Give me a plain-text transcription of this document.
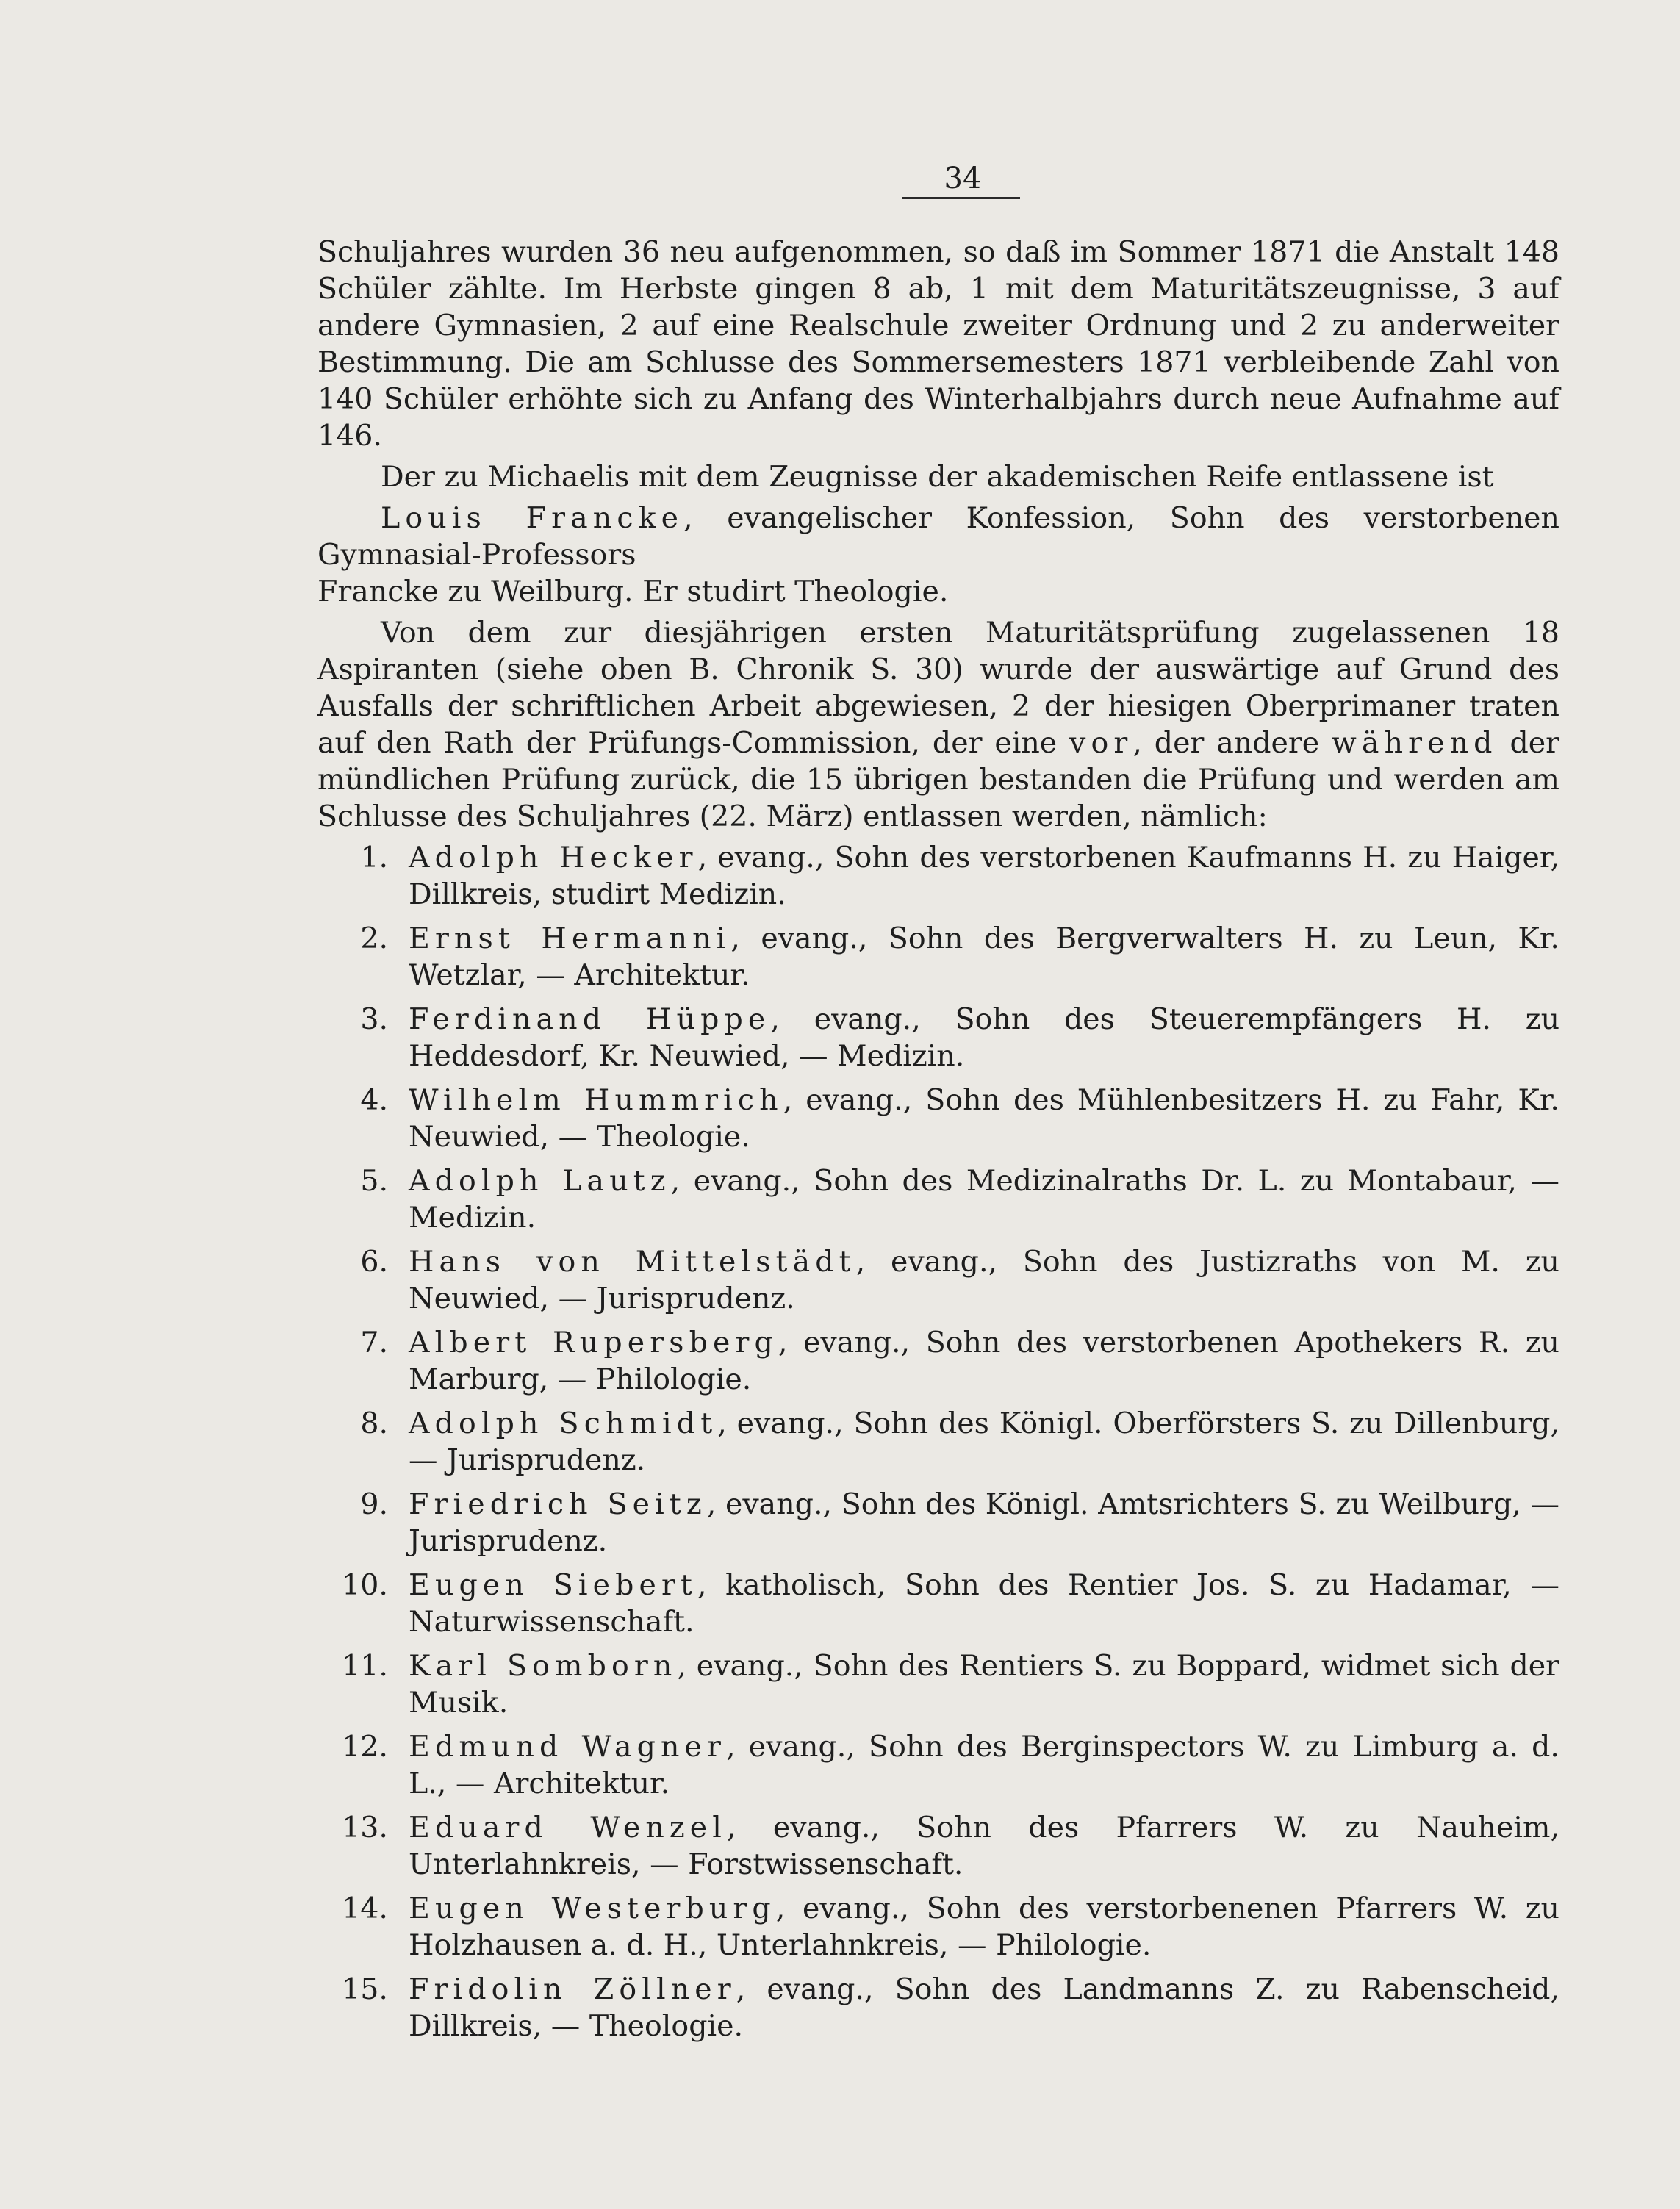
34

Schuljahres wurden 36 neu aufgenommen, so daß im Sommer 1871 die Anstalt 148 Schüler zählte. Im Herbste gingen 8 ab, 1 mit dem Maturitätszeugnisse, 3 auf andere Gymnasien, 2 auf eine Realschule zweiter Ordnung und 2 zu anderweiter Bestimmung. Die am Schlusse des Sommersemesters 1871 verbleibende Zahl von 140 Schüler erhöhte sich zu Anfang des Winterhalbjahrs durch neue Aufnahme auf 146.

Der zu Michaelis mit dem Zeugnisse der akademischen Reife entlassene ist

Louis Francke, evangelischer Konfession, Sohn des verstorbenen Gymnasial-Professors
Francke zu Weilburg. Er studirt Theologie.

Von dem zur diesjährigen ersten Maturitätsprüfung zugelassenen 18 Aspiranten (siehe oben B. Chronik S. 30) wurde der auswärtige auf Grund des Ausfalls der schriftlichen Arbeit abgewiesen, 2 der hiesigen Oberprimaner traten auf den Rath der Prüfungs-Commission, der eine vor, der andere während der mündlichen Prüfung zurück, die 15 übrigen bestanden die Prüfung und werden am Schlusse des Schuljahres (22. März) entlassen werden, nämlich:

1. Adolph Hecker, evang., Sohn des verstorbenen Kaufmanns H. zu Haiger, Dillkreis, studirt Medizin.
2. Ernst Hermanni, evang., Sohn des Bergverwalters H. zu Leun, Kr. Wetzlar, — Architektur.
3. Ferdinand Hüppe, evang., Sohn des Steuerempfängers H. zu Heddesdorf, Kr. Neuwied, — Medizin.
4. Wilhelm Hummrich, evang., Sohn des Mühlenbesitzers H. zu Fahr, Kr. Neuwied, — Theologie.
5. Adolph Lautz, evang., Sohn des Medizinalraths Dr. L. zu Montabaur, — Medizin.
6. Hans von Mittelstädt, evang., Sohn des Justizraths von M. zu Neuwied, — Jurisprudenz.
7. Albert Rupersberg, evang., Sohn des verstorbenen Apothekers R. zu Marburg, — Philologie.
8. Adolph Schmidt, evang., Sohn des Königl. Oberförsters S. zu Dillenburg, — Jurisprudenz.
9. Friedrich Seitz, evang., Sohn des Königl. Amtsrichters S. zu Weilburg, — Jurisprudenz.
10. Eugen Siebert, katholisch, Sohn des Rentier Jos. S. zu Hadamar, — Naturwissenschaft.
11. Karl Somborn, evang., Sohn des Rentiers S. zu Boppard, widmet sich der Musik.
12. Edmund Wagner, evang., Sohn des Berginspectors W. zu Limburg a. d. L., — Architektur.
13. Eduard Wenzel, evang., Sohn des Pfarrers W. zu Nauheim, Unterlahnkreis, — Forstwissenschaft.
14. Eugen Westerburg, evang., Sohn des verstorbenenen Pfarrers W. zu Holzhausen a. d. H., Unterlahnkreis, — Philologie.
15. Fridolin Zöllner, evang., Sohn des Landmanns Z. zu Rabenscheid, Dillkreis, — Theologie.
